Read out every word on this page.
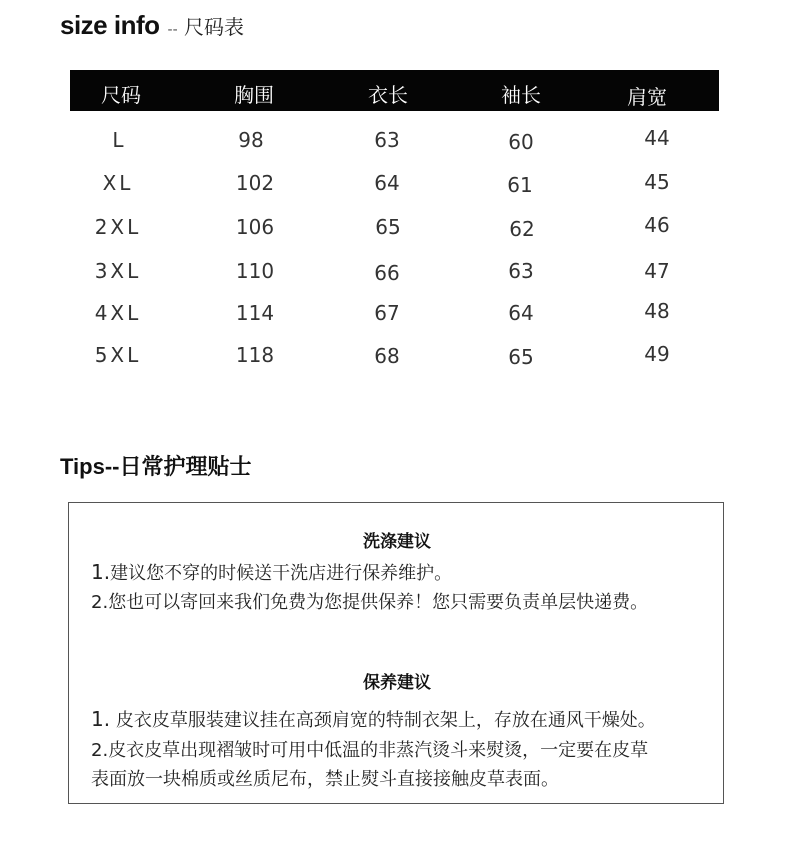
size info -- 尺码表
尺码	胸围	衣长	袖长	肩宽
L	98	63	60	44
XL	102	64	61	45
2XL	106	65	62	46
3XL	110	66	63	47
4XL	114	67	64	48
5XL	118	68	65	49
Tips--日常护理贴士
洗涤建议
1.建议您不穿的时候送干洗店进行保养维护。
2.您也可以寄回来我们免费为您提供保养！您只需要负责单层快递费。
保养建议
1. 皮衣皮草服装建议挂在高颈肩宽的特制衣架上，存放在通风干燥处。
2.皮衣皮草出现褶皱时可用中低温的非蒸汽烫斗来熨烫，一定要在皮草
表面放一块棉质或丝质尼布，禁止熨斗直接接触皮草表面。
